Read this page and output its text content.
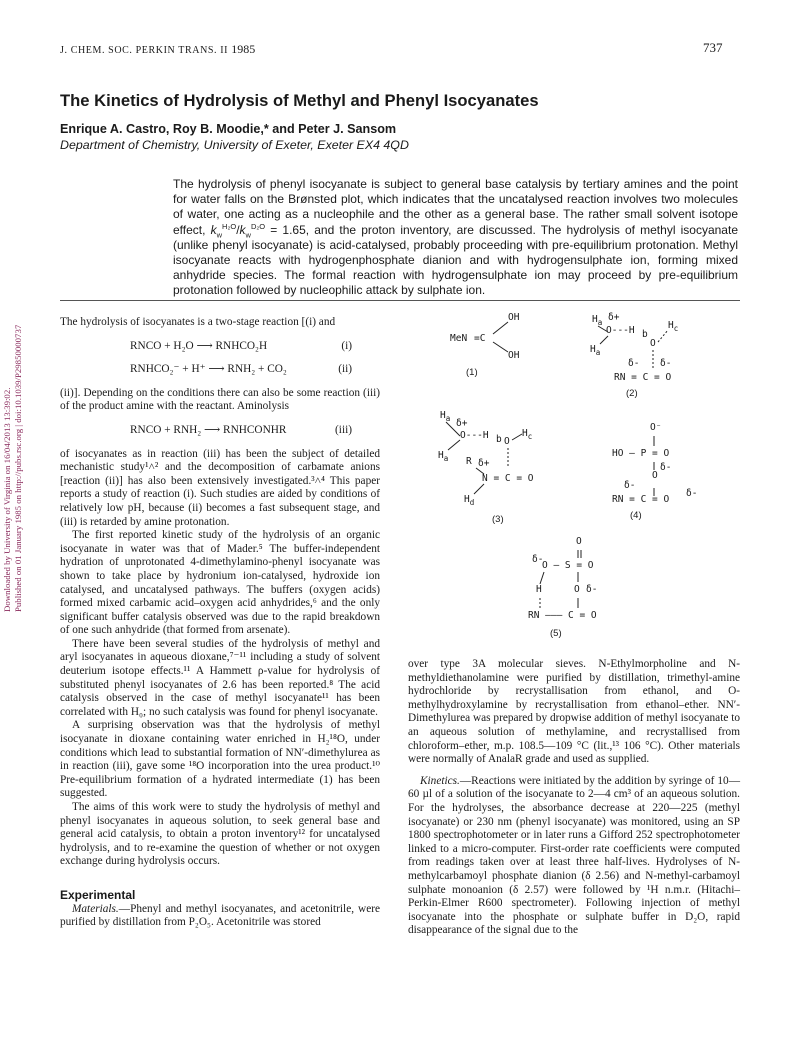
Downloaded by University of Virginia on 16/04/2013 13:39:02. Published on 01 January 1985 on http://pubs.rsc.org | doi:10.1039/P29850000737
J. CHEM. SOC. PERKIN TRANS. II 1985	737
The Kinetics of Hydrolysis of Methyl and Phenyl Isocyanates
Enrique A. Castro, Roy B. Moodie,* and Peter J. Sansom
Department of Chemistry, University of Exeter, Exeter EX4 4QD
The hydrolysis of phenyl isocyanate is subject to general base catalysis by tertiary amines and the point for water falls on the Brønsted plot, which indicates that the uncatalysed reaction involves two molecules of water, one acting as a nucleophile and the other as a general base. The rather small solvent isotope effect, $k_w^{H_2O}/k_w^{D_2O} = 1.65$, and the proton inventory, are discussed. The hydrolysis of methyl isocyanate (unlike phenyl isocyanate) is acid-catalysed, probably proceeding with pre-equilibrium protonation. Methyl isocyanate reacts with hydrogenphosphate dianion and with hydrogensulphate ion, forming mixed anhydride species. The formal reaction with hydrogensulphate ion may proceed by pre-equilibrium protonation followed by nucleophilic attack by sulphate ion.

The hydrolysis of isocyanates is a two-stage reaction [(i) and

RNCO + H₂O ⟶ RNHCO₂H	(i)
RNHCO₂⁻ + H⁺ ⟶ RNH₂ + CO₂	(ii)

(ii)]. Depending on the conditions there can also be some reaction (iii) of the product amine with the reactant. Aminolysis

RNCO + RNH₂ ⟶ RNHCONHR	(iii)

of isocyanates as in reaction (iii) has been the subject of detailed mechanistic study¹˄² and the decomposition of carbamate anions [reaction (ii)] has also been extensively investigated.³˄⁴ This paper reports a study of reaction (i). Such studies are aided by conditions of relatively low pH, because (ii) becomes a fast subsequent stage, and (iii) is retarded by amine protonation.

The first reported kinetic study of the hydrolysis of an organic isocyanate in water was that of Mader.⁵ The buffer-independent hydration of unprotonated 4-dimethylamino-phenyl isocyanate was shown to take place by hydronium ion-catalysed, hydroxide ion catalysed, and uncatalysed pathways. The buffers (oxygen acids) formed mixed carbamic acid–oxygen acid anhydrides,⁶ and the only significant buffer catalysis observed was due to the rapid breakdown of one such anhydride (that formed from arsenate).

There have been several studies of the hydrolysis of methyl and aryl isocyanates in aqueous dioxane,⁷⁻¹¹ including a study of solvent deuterium isotope effects.¹¹ A Hammett ρ-value for hydrolysis of substituted phenyl isocyanates of 2.6 has been reported.⁸ The acid catalysis observed in the case of methyl isocyanate¹¹ has been correlated with H₀; no such catalysis was found for phenyl isocyanate.

A surprising observation was that the hydrolysis of methyl isocyanate in dioxane containing water enriched in H₂¹⁸O, under conditions which lead to substantial formation of NN′-dimethylurea as in reaction (iii), gave some ¹⁸O incorporation into the urea product.¹⁰ Pre-equilibrium formation of a hydrated intermediate (1) has been suggested.

The aims of this work were to study the hydrolysis of methyl and phenyl isocyanates in aqueous solution, to seek general base and general acid catalysis, to obtain a proton inventory¹² for uncatalysed hydrolysis, and to re-examine the question of whether or not oxygen exchange during hydrolysis occurs.

Experimental

Materials.—Phenyl and methyl isocyanates, and acetonitrile, were purified by distillation from P₂O₅. Acetonitrile was stored

over type 3A molecular sieves. N-Ethylmorpholine and N-methyldiethanolamine were purified by distillation, trimethyl-amine hydrochloride by recrystallisation from ethanol, and O-methylhydroxylamine by recrystallisation from ethanol–ether. NN′-Dimethylurea was prepared by dropwise addition of methyl isocyanate to an aqueous solution of methylamine, and recrystallised from chloroform–ether, m.p. 108.5—109 °C (lit.,¹³ 106 °C). Other materials were normally of AnalaR grade and used as supplied.

Kinetics.—Reactions were initiated by the addition by syringe of 10—60 µl of a solution of the isocyanate to 2—4 cm³ of an aqueous solution. For the hydrolyses, the absorbance decrease at 220—225 (methyl isocyanate) or 230 nm (phenyl isocyanate) was monitored, using an SP 1800 spectrophotometer or in later runs a Gifford 252 spectrophotometer linked to a micro-computer. First-order rate coefficients were computed from readings taken over at least three half-lives. Hydrolyses of N-methylcarbamoyl phosphate dianion (δ 2.56) and N-methyl-carbamoyl sulphate monoanion (δ 2.57) were followed by ¹H n.m.r. (Hitachi–Perkin-Elmer R600 spectrometer). Following injection of methyl isocyanate into the phosphate or sulphate buffer in D₂O, rapid disappearance of the signal due to the

OH
MeN =C
OH
(1)
$H_a$ δ+
O‐‐‐H b
$H_c$
O
$H_a$
δ- δ-
RN = C = O
(2)
$H_a$ δ+
O‐‐‐H b O
$H_c$
$H_a$ R δ+
N = C = O
$H_d$
(3)
O⁻
HO — P = O
O
δ-
δ-
RN = C = O
δ-
(4)
O
δ-
O — S = O
H	O δ-
RN ––– C = O
(5)
